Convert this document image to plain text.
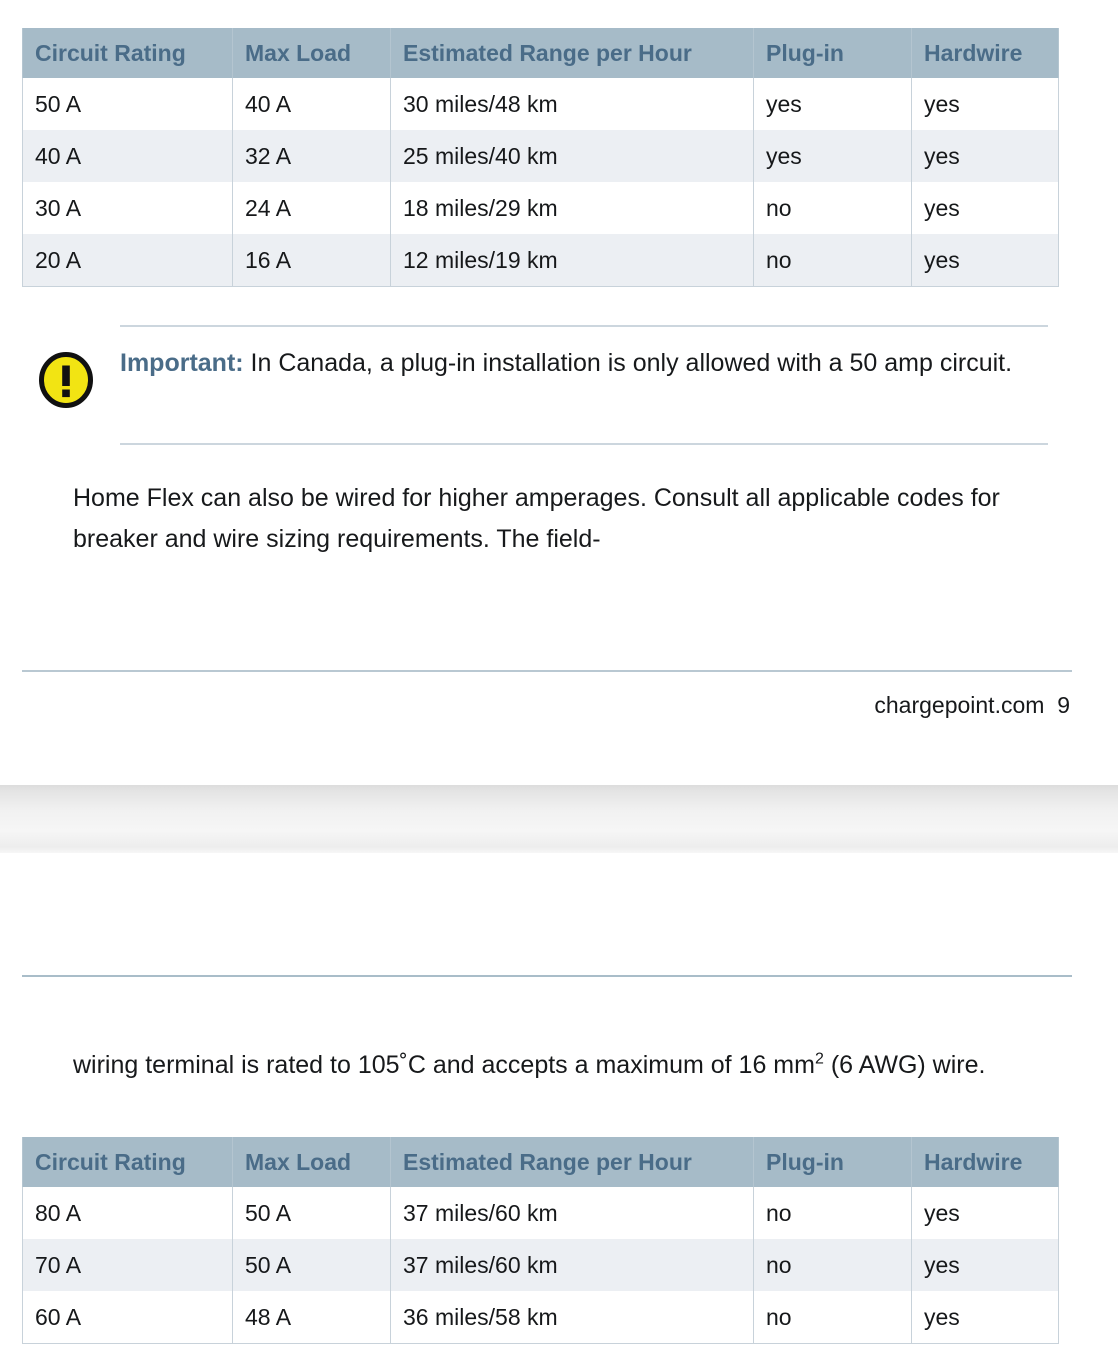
Circuit Rating	Max Load	Estimated Range per Hour	Plug-in	Hardwire
50 A	40 A	30 miles/48 km	yes	yes
40 A	32 A	25 miles/40 km	yes	yes
30 A	24 A	18 miles/29 km	no	yes
20 A	16 A	12 miles/19 km	no	yes
Important: In Canada, a plug-in installation is only allowed with a 50 amp circuit.
Home Flex can also be wired for higher amperages. Consult all applicable codes for breaker and wire sizing requirements. The field-
chargepoint.com 9
wiring terminal is rated to 105˚C and accepts a maximum of 16 $mm^2$ (6 AWG) wire.
Circuit Rating	Max Load	Estimated Range per Hour	Plug-in	Hardwire
80 A	50 A	37 miles/60 km	no	yes
70 A	50 A	37 miles/60 km	no	yes
60 A	48 A	36 miles/58 km	no	yes
